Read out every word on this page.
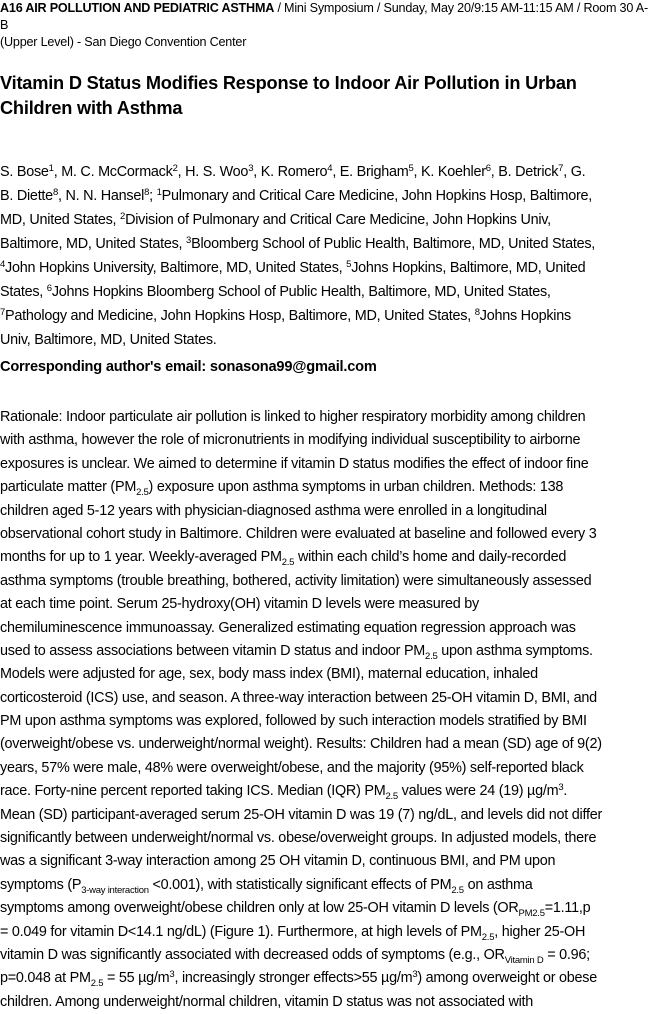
A16 AIR POLLUTION AND PEDIATRIC ASTHMA / Mini Symposium / Sunday, May 20/9:15 AM-11:15 AM / Room 30 A-B
(Upper Level) - San Diego Convention Center
Vitamin D Status Modifies Response to Indoor Air Pollution in Urban
Children with Asthma
S. Bose$^1$, M. C. McCormack$^2$, H. S. Woo$^3$, K. Romero$^4$, E. Brigham$^5$, K. Koehler$^6$, B. Detrick$^7$, G.
B. Diette$^8$, N. N. Hansel$^8$; $^1$Pulmonary and Critical Care Medicine, John Hopkins Hosp, Baltimore,
MD, United States, $^2$Division of Pulmonary and Critical Care Medicine, John Hopkins Univ,
Baltimore, MD, United States, $^3$Bloomberg School of Public Health, Baltimore, MD, United States,
$^4$John Hopkins University, Baltimore, MD, United States, $^5$Johns Hopkins, Baltimore, MD, United
States, $^6$Johns Hopkins Bloomberg School of Public Health, Baltimore, MD, United States,
$^7$Pathology and Medicine, John Hopkins Hosp, Baltimore, MD, United States, $^8$Johns Hopkins
Univ, Baltimore, MD, United States.
Corresponding author's email: sonasona99@gmail.com
Rationale: Indoor particulate air pollution is linked to higher respiratory morbidity among children
with asthma, however the role of micronutrients in modifying individual susceptibility to airborne
exposures is unclear. We aimed to determine if vitamin D status modifies the effect of indoor fine
particulate matter $(PM_{2.5})$ exposure upon asthma symptoms in urban children. Methods: 138
children aged 5-12 years with physician-diagnosed asthma were enrolled in a longitudinal
observational cohort study in Baltimore. Children were evaluated at baseline and followed every 3
months for up to 1 year. Weekly-averaged $PM_{2.5}$ within each child’s home and daily-recorded
asthma symptoms (trouble breathing, bothered, activity limitation) were simultaneously assessed
at each time point. Serum 25-hydroxy(OH) vitamin D levels were measured by
chemiluminescence immunoassay. Generalized estimating equation regression approach was
used to assess associations between vitamin D status and indoor $PM_{2.5}$ upon asthma symptoms.
Models were adjusted for age, sex, body mass index (BMI), maternal education, inhaled
corticosteroid (ICS) use, and season. A three-way interaction between 25-OH vitamin D, BMI, and
PM upon asthma symptoms was explored, followed by such interaction models stratified by BMI
(overweight/obese vs. underweight/normal weight). Results: Children had a mean (SD) age of 9(2)
years, 57% were male, 48% were overweight/obese, and the majority (95%) self-reported black
race. Forty-nine percent reported taking ICS. Median (IQR) $PM_{2.5}$ values were 24 (19) $\mu g/m^3$.
Mean (SD) participant-averaged serum 25-OH vitamin D was 19 (7) ng/dL, and levels did not differ
significantly between underweight/normal vs. obese/overweight groups. In adjusted models, there
was a significant 3-way interaction among 25 OH vitamin D, continuous BMI, and PM upon
symptoms $(P_{3-way interaction} <0.001)$, with statistically significant effects of $PM_{2.5}$ on asthma
symptoms among overweight/obese children only at low 25-OH vitamin D levels ($OR_{PM2.5}=1.11,p$
= 0.049 for vitamin D<14.1 ng/dL) (Figure 1). Furthermore, at high levels of $PM_{2.5}$, higher 25-OH
vitamin D was significantly associated with decreased odds of symptoms (e.g., $OR_{Vitamin D} = 0.96$;
p=0.048 at $PM_{2.5} = 55$ $\mu g/m^3$, increasingly stronger effects>55 $\mu g/m^3$) among overweight or obese
children. Among underweight/normal children, vitamin D status was not associated with
